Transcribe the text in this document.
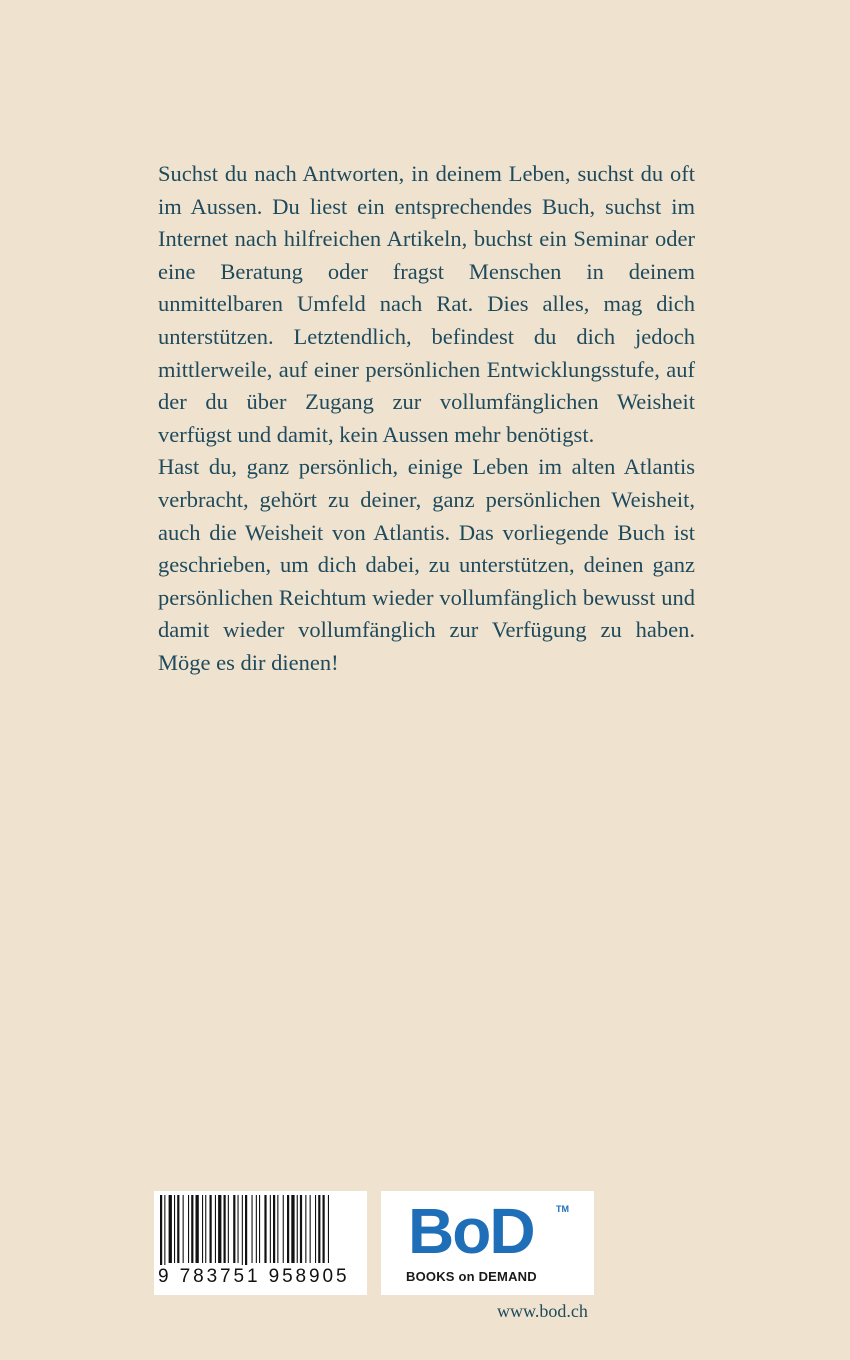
Suchst du nach Antworten, in deinem Leben, suchst du oft im Aussen. Du liest ein entsprechendes Buch, suchst im Internet nach hilfreichen Artikeln, buchst ein Seminar oder eine Beratung oder fragst Menschen in deinem unmittelbaren Umfeld nach Rat. Dies alles, mag dich unterstützen. Letztendlich, befindest du dich jedoch mittlerweile, auf einer persönlichen Entwicklungsstufe, auf der du über Zugang zur vollumfänglichen Weisheit verfügst und damit, kein Aussen mehr benötigst.

Hast du, ganz persönlich, einige Leben im alten Atlantis verbracht, gehört zu deiner, ganz persönlichen Weisheit, auch die Weisheit von Atlantis. Das vorliegende Buch ist geschrieben, um dich dabei, zu unterstützen, deinen ganz persönlichen Reichtum wieder vollumfänglich bewusst und damit wieder vollumfänglich zur Verfügung zu haben. Möge es dir dienen!

9 783751 958905
BoD TM
BOOKS on DEMAND
www.bod.ch
